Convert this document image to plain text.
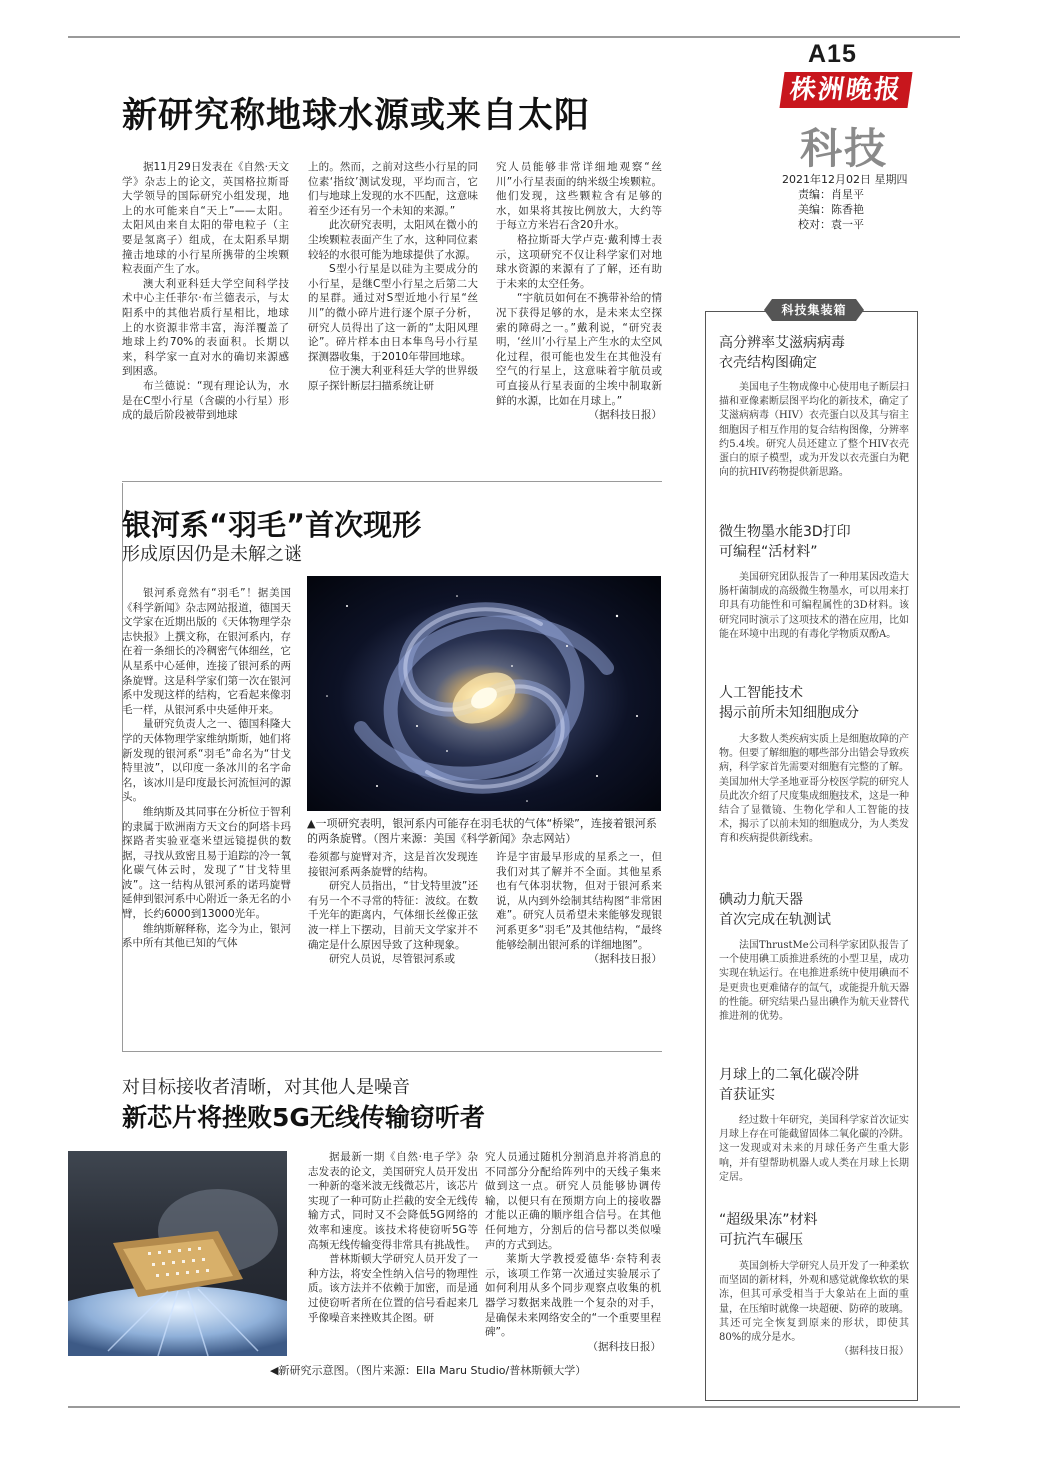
A15
株洲晚报
科技
2021年12月02日 星期四
责编：肖星平
美编：陈香艳
校对：袁一平
新研究称地球水源或来自太阳

据11月29日发表在《自然·天文学》杂志上的论文，英国格拉斯哥大学领导的国际研究小组发现，地上的水可能来自“天上”——太阳。太阳风由来自太阳的带电粒子（主要是氢离子）组成，在太阳系早期撞击地球的小行星所携带的尘埃颗粒表面产生了水。

澳大利亚科廷大学空间科学技术中心主任菲尔·布兰德表示，与太阳系中的其他岩质行星相比，地球上的水资源非常丰富，海洋覆盖了地球上约70%的表面积。长期以来，科学家一直对水的确切来源感到困惑。

布兰德说：“现有理论认为，水是在C型小行星（含碳的小行星）形成的最后阶段被带到地球

上的。然而，之前对这些小行星的同位素‘指纹’测试发现，平均而言，它们与地球上发现的水不匹配，这意味着至少还有另一个未知的来源。”

此次研究表明，太阳风在微小的尘埃颗粒表面产生了水，这种同位素较轻的水很可能为地球提供了水源。

S型小行星是以硅为主要成分的小行星，是继C型小行星之后第二大的星群。通过对S型近地小行星“丝川”的微小碎片进行逐个原子分析，研究人员得出了这一新的“太阳风理论”。碎片样本由日本隼鸟号小行星探测器收集，于2010年带回地球。

位于澳大利亚科廷大学的世界级原子探针断层扫描系统让研

究人员能够非常详细地观察“丝川”小行星表面的纳米级尘埃颗粒。他们发现，这些颗粒含有足够的水，如果将其按比例放大，大约等于每立方米岩石含20升水。

格拉斯哥大学卢克·戴利博士表示，这项研究不仅让科学家们对地球水资源的来源有了了解，还有助于未来的太空任务。

“宇航员如何在不携带补给的情况下获得足够的水，是未来太空探索的障碍之一。”戴利说，“研究表明，‘丝川’小行星上产生水的太空风化过程，很可能也发生在其他没有空气的行星上，这意味着宇航员或可直接从行星表面的尘埃中制取新鲜的水源，比如在月球上。”

（据科技日报）
银河系“羽毛”首次现形
形成原因仍是未解之谜

银河系竟然有“羽毛”！据美国《科学新闻》杂志网站报道，德国天文学家在近期出版的《天体物理学杂志快报》上撰文称，在银河系内，存在着一条细长的冷稠密气体细丝，它从星系中心延伸，连接了银河系的两条旋臂。这是科学家们第一次在银河系中发现这样的结构，它看起来像羽毛一样，从银河系中央延伸开来。

量研究负责人之一、德国科隆大学的天体物理学家维纳斯斯，她们将新发现的银河系“羽毛”命名为“甘戈特里波”，以印度一条冰川的名字命名，该冰川是印度最长河流恒河的源头。

维纳斯及其同事在分析位于智利的隶属于欧洲南方天文台的阿塔卡玛探路者实验亚毫米望远镜提供的数据，寻找从致密且易于追踪的冷一氧化碳气体云时，发现了“甘戈特里波”。这一结构从银河系的诺玛旋臂延伸到银河系中心附近一条无名的小臂，长约6000到13000光年。

维纳斯解释称，迄今为止，银河系中所有其他已知的气体

▲一项研究表明，银河系内可能存在羽毛状的气体“桥梁”，连接着银河系的两条旋臂。（图片来源：美国《科学新闻》杂志网站）

卷须都与旋臂对齐，这是首次发现连接银河系两条旋臂的结构。

研究人员指出，“甘戈特里波”还有另一个不寻常的特征：波纹。在数千光年的距离内，气体细长丝像正弦波一样上下摆动，目前天文学家并不确定是什么原因导致了这种现象。

研究人员说，尽管银河系或

许是宇宙最早形成的星系之一，但我们对其了解并不全面。其他星系也有气体羽状物，但对于银河系来说，从内到外绘制其结构图“非常困难”。研究人员希望未来能够发现银河系更多“羽毛”及其他结构，“最终能够绘制出银河系的详细地图”。

（据科技日报）
对目标接收者清晰，对其他人是噪音
新芯片将挫败5G无线传输窃听者
◀新研究示意图。（图片来源：Ella Maru Studio/普林斯顿大学）

据最新一期《自然·电子学》杂志发表的论文，美国研究人员开发出一种新的毫米波无线微芯片，该芯片实现了一种可防止拦截的安全无线传输方式，同时又不会降低5G网络的效率和速度。该技术将使窃听5G等高频无线传输变得非常具有挑战性。

普林斯顿大学研究人员开发了一种方法，将安全性纳入信号的物理性质。该方法并不依赖于加密，而是通过使窃听者所在位置的信号看起来几乎像噪音来挫败其企图。研

究人员通过随机分割消息并将消息的不同部分分配给阵列中的天线子集来做到这一点。研究人员能够协调传输，以便只有在预期方向上的接收器才能以正确的顺序组合信号。在其他任何地方，分割后的信号都以类似噪声的方式到达。

莱斯大学教授爱德华·奈特利表示，该项工作第一次通过实验展示了如何利用从多个同步观察点收集的机器学习数据来战胜一个复杂的对手，是确保未来网络安全的“一个重要里程碑”。

（据科技日报）
科技集装箱
高分辨率艾滋病病毒
衣壳结构图确定

美国电子生物成像中心使用电子断层扫描和亚像素断层图平均化的新技术，确定了艾滋病病毒（HIV）衣壳蛋白以及其与宿主细胞因子相互作用的复合结构图像，分辨率约5.4埃。研究人员还建立了整个HIV衣壳蛋白的原子模型，或为开发以衣壳蛋白为靶向的抗HIV药物提供新思路。

微生物墨水能3D打印
可编程“活材料”

美国研究团队报告了一种用某因改造大肠杆菌制成的高级微生物墨水，可以用来打印具有功能性和可编程属性的3D材料。该研究同时演示了这项技术的潜在应用，比如能在环境中出现的有毒化学物质双酚A。

人工智能技术
揭示前所未知细胞成分

大多数人类疾病实质上是细胞故障的产物。但要了解细胞的哪些部分出错会导致疾病，科学家首先需要对细胞有完整的了解。美国加州大学圣地亚哥分校医学院的研究人员此次介绍了尺度集成细胞技术，这是一种结合了显微镜、生物化学和人工智能的技术，揭示了以前未知的细胞成分，为人类发育和疾病提供新线索。

碘动力航天器
首次完成在轨测试

法国ThrustMe公司科学家团队报告了一个使用碘工质推进系统的小型卫星，成功实现在轨运行。在电推进系统中使用碘而不是更贵也更难储存的氙气，或能提升航天器的性能。研究结果凸显出碘作为航天业替代推进剂的优势。

月球上的二氧化碳冷阱
首获证实

经过数十年研究，美国科学家首次证实月球上存在可能截留固体二氧化碳的冷阱。这一发现或对未来的月球任务产生重大影响，并有望帮助机器人或人类在月球上长期定居。

“超级果冻”材料
可抗汽车碾压

英国剑桥大学研究人员开发了一种柔软而坚固的新材料，外观和感觉就像软软的果冻，但其可承受相当于大象站在上面的重量，在压缩时就像一块超硬、防碎的玻璃。其还可完全恢复到原来的形状，即使其80%的成分是水。

（据科技日报）
